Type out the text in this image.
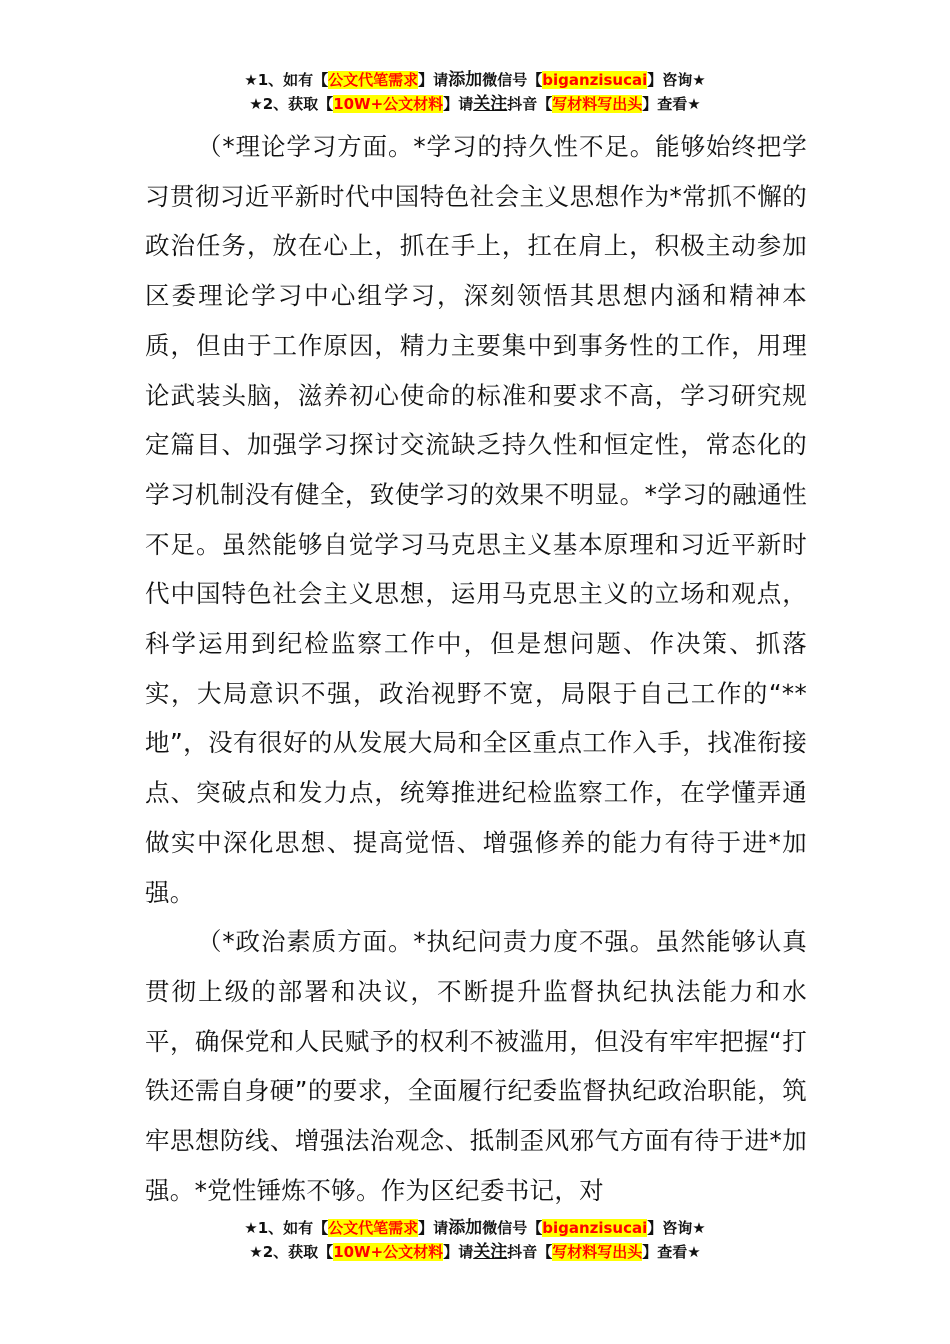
★1、如有【公文代笔需求】请添加微信号【biganzisucai】咨询★
★2、获取【10W+公文材料】请关注抖音【写材料写出头】查看★

（*理论学习方面。*学习的持久性不足。能够始终把学习贯彻习近平新时代中国特色社会主义思想作为*常抓不懈的政治任务，放在心上，抓在手上，扛在肩上，积极主动参加区委理论学习中心组学习，深刻领悟其思想内涵和精神本质，但由于工作原因，精力主要集中到事务性的工作，用理论武装头脑，滋养初心使命的标准和要求不高，学习研究规定篇目、加强学习探讨交流缺乏持久性和恒定性，常态化的学习机制没有健全，致使学习的效果不明显。*学习的融通性不足。虽然能够自觉学习马克思主义基本原理和习近平新时代中国特色社会主义思想，运用马克思主义的立场和观点，科学运用到纪检监察工作中，但是想问题、作决策、抓落实，大局意识不强，政治视野不宽，局限于自己工作的“**地”，没有很好的从发展大局和全区重点工作入手，找准衔接点、突破点和发力点，统筹推进纪检监察工作，在学懂弄通做实中深化思想、提高觉悟、增强修养的能力有待于进*加强。

（*政治素质方面。*执纪问责力度不强。虽然能够认真贯彻上级的部署和决议，不断提升监督执纪执法能力和水平，确保党和人民赋予的权利不被滥用，但没有牢牢把握“打铁还需自身硬”的要求，全面履行纪委监督执纪政治职能，筑牢思想防线、增强法治观念、抵制歪风邪气方面有待于进*加强。*党性锤炼不够。作为区纪委书记，对

★1、如有【公文代笔需求】请添加微信号【biganzisucai】咨询★
★2、获取【10W+公文材料】请关注抖音【写材料写出头】查看★
